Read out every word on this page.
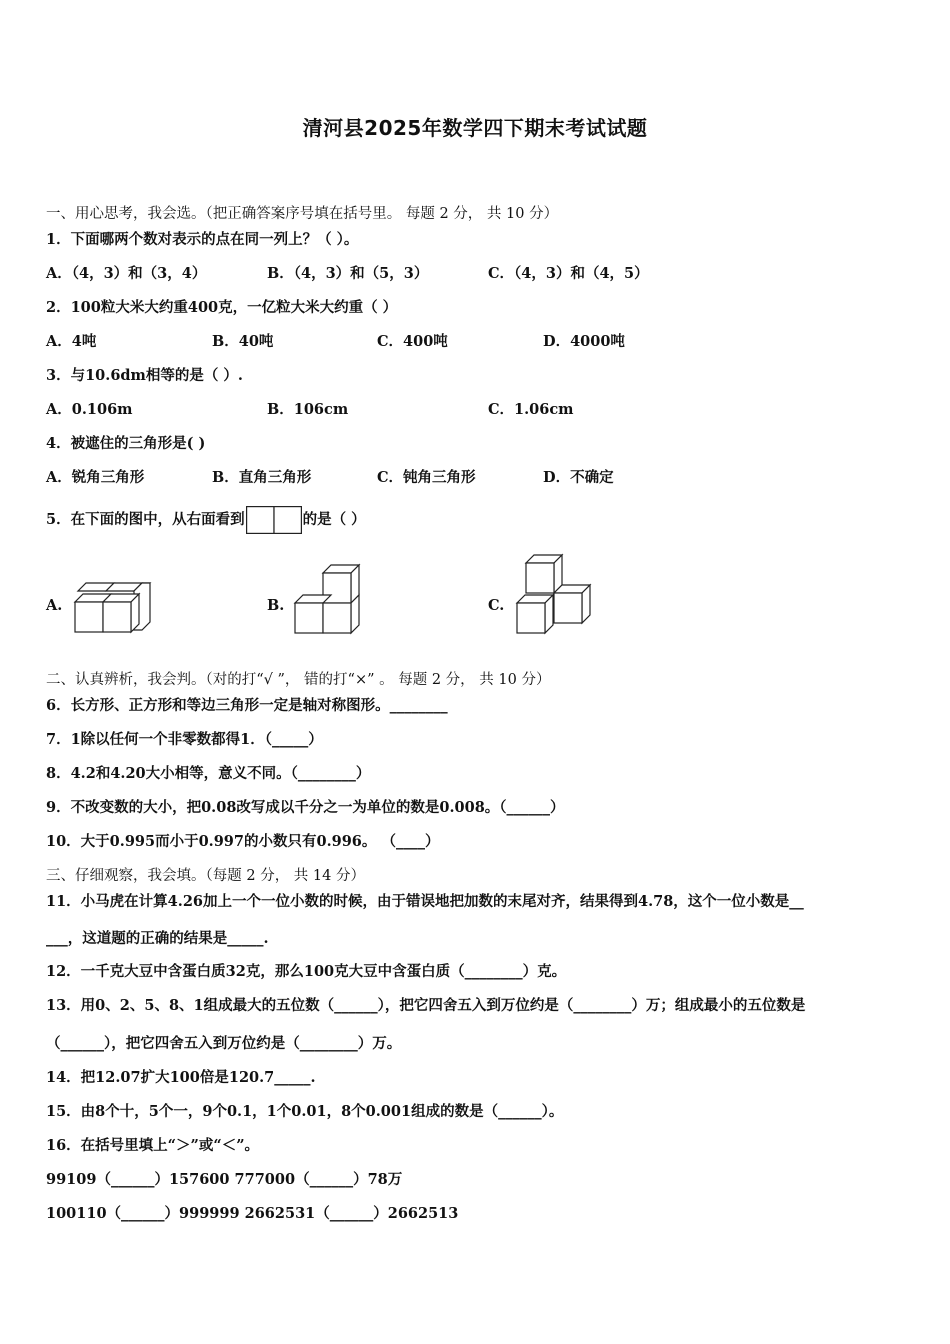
清河县2025年数学四下期末考试试题
一、用心思考，我会选。（把正确答案序号填在括号里。 每题 2 分， 共 10 分）
1．下面哪两个数对表示的点在同一列上？（ ）。
A．（4，3）和（3，4）	B．（4，3）和（5，3）	C．（4，3）和（4，5）
2．100粒大米大约重400克，一亿粒大米大约重（ ）
A．4吨	B．40吨	C．400吨	D．4000吨
3．与10.6dm相等的是（ ）.
A．0.106m	B．106cm	C．1.06cm
4．被遮住的三角形是( )
A．锐角三角形	B．直角三角形	C．钝角三角形	D．不确定
5．在下面的图中，从右面看到	的是（ ）
A.	B.	C.
二、认真辨析，我会判。（对的打“√ ”， 错的打“×” 。 每题 2 分， 共 10 分）
6．长方形、正方形和等边三角形一定是轴对称图形。________
7．1除以任何一个非零数都得1．（_____）
8．4.2和4.20大小相等，意义不同。（________）
9．不改变数的大小，把0.08改写成以千分之一为单位的数是0.008。（______）
10．大于0.995而小于0.997的小数只有0.996。 （____）
三、仔细观察，我会填。（每题 2 分， 共 14 分）
11．小马虎在计算4.26加上一个一位小数的时候，由于错误地把加数的末尾对齐，结果得到4.78，这个一位小数是__
___，这道题的正确的结果是_____.
12．一千克大豆中含蛋白质32克，那么100克大豆中含蛋白质（________）克。
13．用0、2、5、8、1组成最大的五位数（______），把它四舍五入到万位约是（________）万；组成最小的五位数是
（______），把它四舍五入到万位约是（________）万。
14．把12.07扩大100倍是120.7_____.
15．由8个十，5个一，9个0.1，1个0.01，8个0.001组成的数是（______）。
16．在括号里填上“＞”或“＜”。
99109（______）157600 777000（______）78万
100110（______）999999 2662531（______）2662513
